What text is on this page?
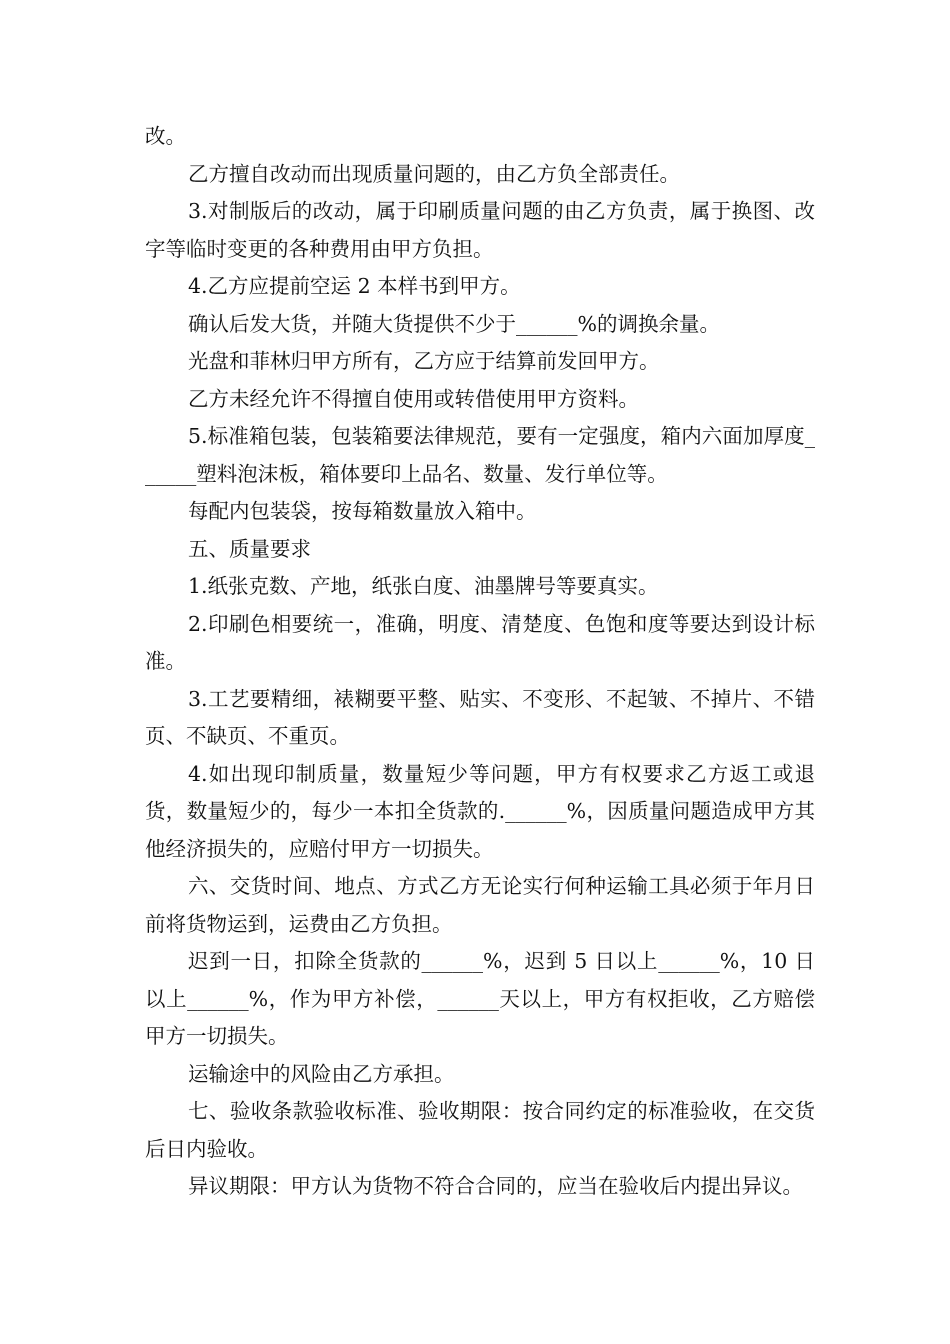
改。

乙方擅自改动而出现质量问题的，由乙方负全部责任。

3.对制版后的改动，属于印刷质量问题的由乙方负责，属于换图、改字等临时变更的各种费用由甲方负担。

4.乙方应提前空运 2 本样书到甲方。

确认后发大货，并随大货提供不少于______%的调换余量。

光盘和菲林归甲方所有，乙方应于结算前发回甲方。

乙方未经允许不得擅自使用或转借使用甲方资料。

5.标准箱包装，包装箱要法律规范，要有一定强度，箱内六面加厚度______塑料泡沫板，箱体要印上品名、数量、发行单位等。

每配内包装袋，按每箱数量放入箱中。

五、质量要求

1.纸张克数、产地，纸张白度、油墨牌号等要真实。

2.印刷色相要统一，准确，明度、清楚度、色饱和度等要达到设计标准。

3.工艺要精细，裱糊要平整、贴实、不变形、不起皱、不掉片、不错页、不缺页、不重页。

4.如出现印制质量，数量短少等问题，甲方有权要求乙方返工或退货，数量短少的，每少一本扣全货款的.______%，因质量问题造成甲方其他经济损失的，应赔付甲方一切损失。

六、交货时间、地点、方式乙方无论实行何种运输工具必须于年月日前将货物运到，运费由乙方负担。

迟到一日，扣除全货款的______%，迟到 5 日以上______%，10 日以上______%，作为甲方补偿，______天以上，甲方有权拒收，乙方赔偿甲方一切损失。

运输途中的风险由乙方承担。

七、验收条款验收标准、验收期限：按合同约定的标准验收，在交货后日内验收。

异议期限：甲方认为货物不符合合同的，应当在验收后内提出异议。
